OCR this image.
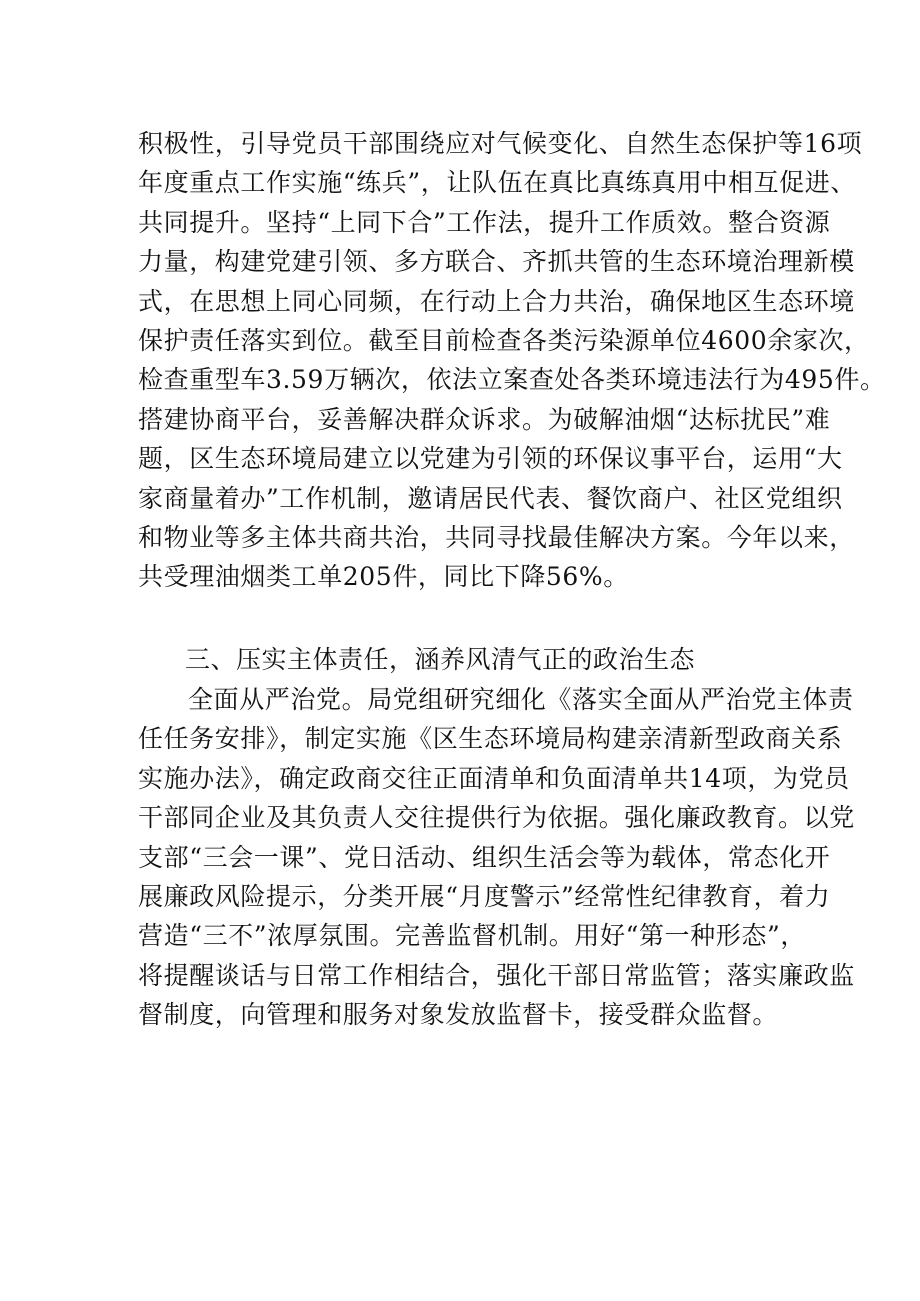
积极性，引导党员干部围绕应对气候变化、自然生态保护等16项
年度重点工作实施“练兵”，让队伍在真比真练真用中相互促进、
共同提升。坚持“上同下合”工作法，提升工作质效。整合资源
力量，构建党建引领、多方联合、齐抓共管的生态环境治理新模
式，在思想上同心同频，在行动上合力共治，确保地区生态环境
保护责任落实到位。截至目前检查各类污染源单位4600余家次，
检查重型车3.59万辆次，依法立案查处各类环境违法行为495件。
搭建协商平台，妥善解决群众诉求。为破解油烟“达标扰民”难
题，区生态环境局建立以党建为引领的环保议事平台，运用“大
家商量着办”工作机制，邀请居民代表、餐饮商户、社区党组织
和物业等多主体共商共治，共同寻找最佳解决方案。今年以来，
共受理油烟类工单205件，同比下降56%。
三、压实主体责任，涵养风清气正的政治生态
全面从严治党。局党组研究细化《落实全面从严治党主体责
任任务安排》，制定实施《区生态环境局构建亲清新型政商关系
实施办法》，确定政商交往正面清单和负面清单共14项，为党员
干部同企业及其负责人交往提供行为依据。强化廉政教育。以党
支部“三会一课”、党日活动、组织生活会等为载体，常态化开
展廉政风险提示，分类开展“月度警示”经常性纪律教育，着力
营造“三不”浓厚氛围。完善监督机制。用好“第一种形态”，
将提醒谈话与日常工作相结合，强化干部日常监管；落实廉政监
督制度，向管理和服务对象发放监督卡，接受群众监督。
